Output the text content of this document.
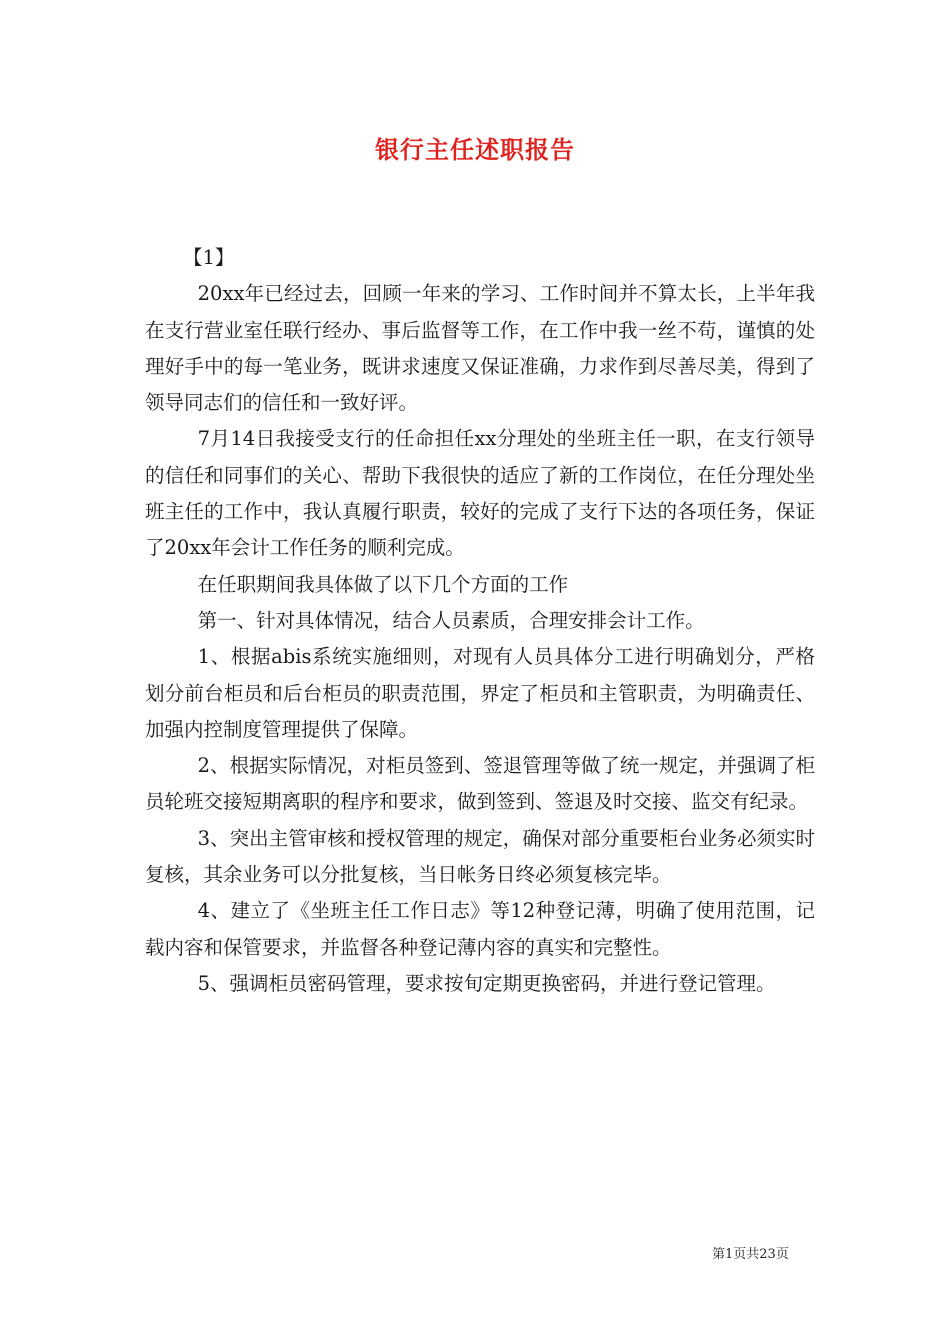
银行主任述职报告

【1】

20xx年已经过去，回顾一年来的学习、工作时间并不算太长，上半年我在支行营业室任联行经办、事后监督等工作，在工作中我一丝不苟，谨慎的处理好手中的每一笔业务，既讲求速度又保证准确，力求作到尽善尽美，得到了领导同志们的信任和一致好评。

7月14日我接受支行的任命担任xx分理处的坐班主任一职，在支行领导的信任和同事们的关心、帮助下我很快的适应了新的工作岗位，在任分理处坐班主任的工作中，我认真履行职责，较好的完成了支行下达的各项任务，保证了20xx年会计工作任务的顺利完成。

在任职期间我具体做了以下几个方面的工作

第一、针对具体情况，结合人员素质，合理安排会计工作。

1、根据abis系统实施细则，对现有人员具体分工进行明确划分，严格划分前台柜员和后台柜员的职责范围，界定了柜员和主管职责，为明确责任、加强内控制度管理提供了保障。

2、根据实际情况，对柜员签到、签退管理等做了统一规定，并强调了柜员轮班交接短期离职的程序和要求，做到签到、签退及时交接、监交有纪录。

3、突出主管审核和授权管理的规定，确保对部分重要柜台业务必须实时复核，其余业务可以分批复核，当日帐务日终必须复核完毕。

4、建立了《坐班主任工作日志》等12种登记薄，明确了使用范围，记载内容和保管要求，并监督各种登记薄内容的真实和完整性。

5、强调柜员密码管理，要求按旬定期更换密码，并进行登记管理。

第1页共23页
